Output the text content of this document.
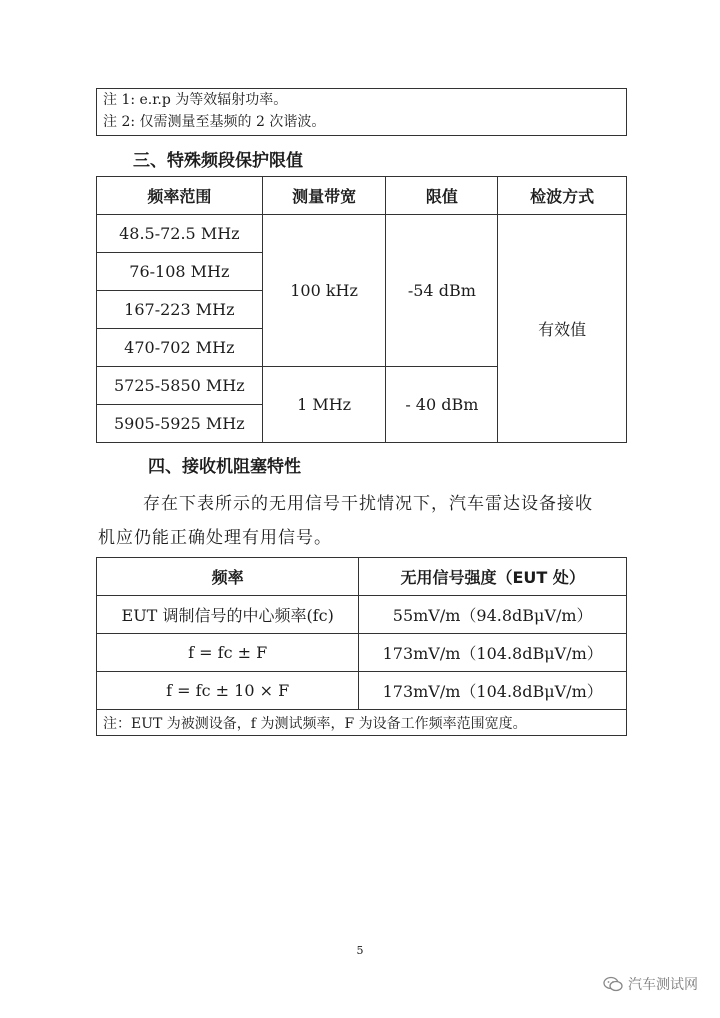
注 1: e.r.p 为等效辐射功率。
注 2: 仅需测量至基频的 2 次谐波。
三、特殊频段保护限值
频率范围	测量带宽	限值	检波方式
48.5-72.5 MHz	100 kHz	-54 dBm	有效值
76-108 MHz			
167-223 MHz			
470-702 MHz			
5725-5850 MHz	1 MHz	- 40 dBm	
5905-5925 MHz			
四、接收机阻塞特性
存在下表所示的无用信号干扰情况下，汽车雷达设备接收
机应仍能正确处理有用信号。
频率	无用信号强度（EUT 处）
EUT 调制信号的中心频率(fc)	55mV/m（94.8dBμV/m）
f = fc ± F	173mV/m（104.8dBμV/m）
f = fc ± 10 × F	173mV/m（104.8dBμV/m）
注：EUT 为被测设备，f 为测试频率，F 为设备工作频率范围宽度。	
5
汽车测试网
